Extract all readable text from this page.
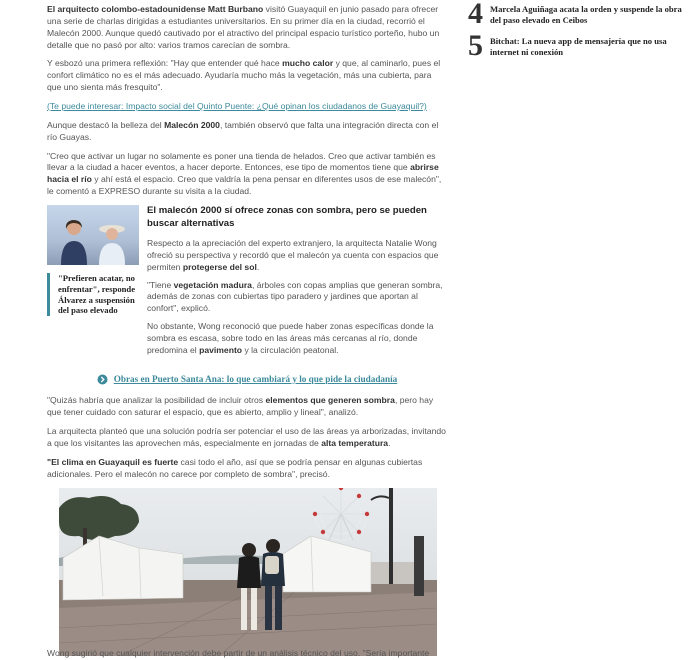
4 Marcela Aguiñaga acata la orden y suspende la obra del paso elevado en Ceibos
5 Bitchat: La nueva app de mensajería que no usa internet ni conexión

El arquitecto colombo-estadounidense Matt Burbano visitó Guayaquil en junio pasado para ofrecer una serie de charlas dirigidas a estudiantes universitarios. En su primer día en la ciudad, recorrió el Malecón 2000. Aunque quedó cautivado por el atractivo del principal espacio turístico porteño, hubo un detalle que no pasó por alto: varios tramos carecían de sombra.

Y esbozó una primera reflexión: "Hay que entender qué hace mucho calor y que, al caminarlo, pues el confort climático no es el más adecuado. Ayudaría mucho más la vegetación, más una cubierta, para que uno sienta más fresquito".

(Te puede interesar: Impacto social del Quinto Puente: ¿Qué opinan los ciudadanos de Guayaquil?)

Aunque destacó la belleza del Malecón 2000, también observó que falta una integración directa con el río Guayas.

"Creo que activar un lugar no solamente es poner una tienda de helados. Creo que activar también es llevar a la ciudad a hacer eventos, a hacer deporte. Entonces, ese tipo de momentos tiene que abrirse hacia el río y ahí está el espacio. Creo que valdría la pena pensar en diferentes usos de ese malecón", le comentó a EXPRESO durante su visita a la ciudad.

"Prefieren acatar, no enfrentar", responde Álvarez a suspensión del paso elevado
El malecón 2000 sí ofrece zonas con sombra, pero se pueden buscar alternativas

Respecto a la apreciación del experto extranjero, la arquitecta Natalie Wong ofreció su perspectiva y recordó que el malecón ya cuenta con espacios que permiten protegerse del sol.

"Tiene vegetación madura, árboles con copas amplias que generan sombra, además de zonas con cubiertas tipo paradero y jardines que aportan al confort", explicó.

No obstante, Wong reconoció que puede haber zonas específicas donde la sombra es escasa, sobre todo en las áreas más cercanas al río, donde predomina el pavimento y la circulación peatonal.

Obras en Puerto Santa Ana: lo que cambiará y lo que pide la ciudadanía

"Quizás habría que analizar la posibilidad de incluir otros elementos que generen sombra, pero hay que tener cuidado con saturar el espacio, que es abierto, amplio y lineal", analizó.

La arquitecta planteó que una solución podría ser potenciar el uso de las áreas ya arborizadas, invitando a que los visitantes las aprovechen más, especialmente en jornadas de alta temperatura.

"El clima en Guayaquil es fuerte casi todo el año, así que se podría pensar en algunas cubiertas adicionales. Pero el malecón no carece por completo de sombra", precisó.

Wong sugirió que cualquier intervención debe partir de un análisis técnico del uso. "Sería importante
